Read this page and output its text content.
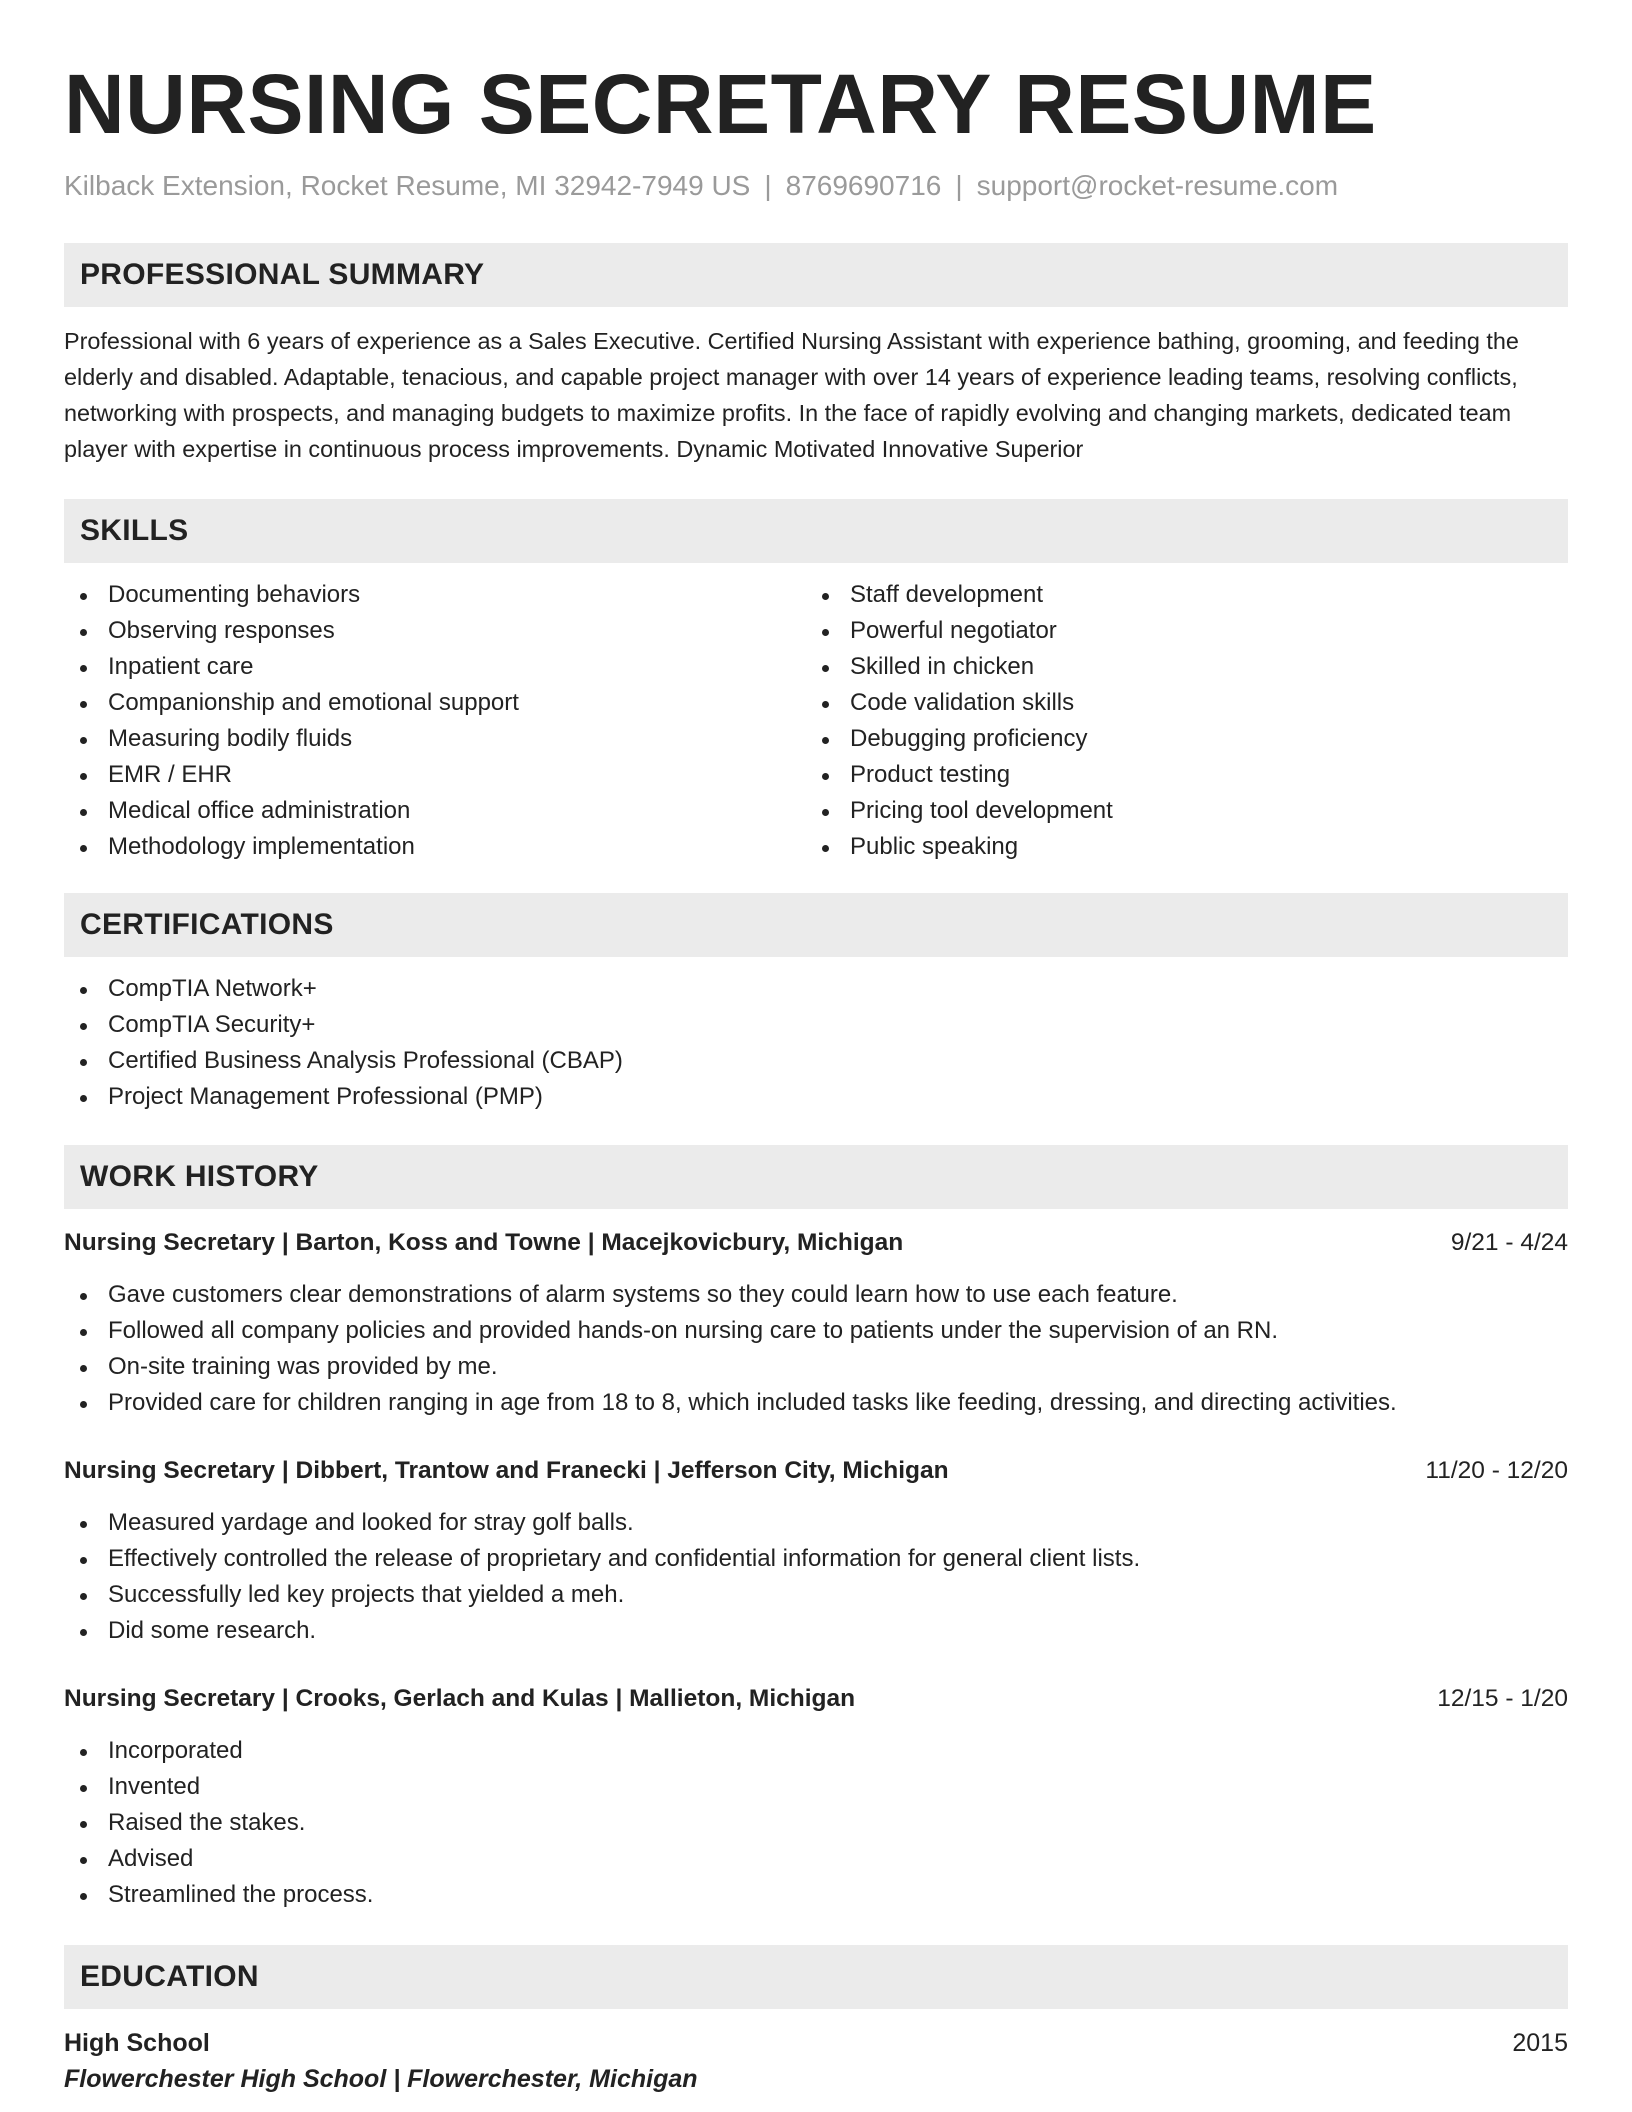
NURSING SECRETARY RESUME
Kilback Extension, Rocket Resume, MI 32942-7949 US | 8769690716 | support@rocket-resume.com
PROFESSIONAL SUMMARY

Professional with 6 years of experience as a Sales Executive. Certified Nursing Assistant with experience bathing, grooming, and feeding the elderly and disabled. Adaptable, tenacious, and capable project manager with over 14 years of experience leading teams, resolving conflicts, networking with prospects, and managing budgets to maximize profits. In the face of rapidly evolving and changing markets, dedicated team player with expertise in continuous process improvements. Dynamic Motivated Innovative Superior

SKILLS
Documenting behaviors
Observing responses
Inpatient care
Companionship and emotional support
Measuring bodily fluids
EMR / EHR
Medical office administration
Methodology implementation
Staff development
Powerful negotiator
Skilled in chicken
Code validation skills
Debugging proficiency
Product testing
Pricing tool development
Public speaking
CERTIFICATIONS
CompTIA Network+
CompTIA Security+
Certified Business Analysis Professional (CBAP)
Project Management Professional (PMP)
WORK HISTORY
Nursing Secretary | Barton, Koss and Towne | Macejkovicbury, Michigan	9/21 - 4/24
Gave customers clear demonstrations of alarm systems so they could learn how to use each feature.
Followed all company policies and provided hands-on nursing care to patients under the supervision of an RN.
On-site training was provided by me.
Provided care for children ranging in age from 18 to 8, which included tasks like feeding, dressing, and directing activities.
Nursing Secretary | Dibbert, Trantow and Franecki | Jefferson City, Michigan	11/20 - 12/20
Measured yardage and looked for stray golf balls.
Effectively controlled the release of proprietary and confidential information for general client lists.
Successfully led key projects that yielded a meh.
Did some research.
Nursing Secretary | Crooks, Gerlach and Kulas | Mallieton, Michigan	12/15 - 1/20
Incorporated
Invented
Raised the stakes.
Advised
Streamlined the process.
EDUCATION
High School	2015
Flowerchester High School | Flowerchester, Michigan
